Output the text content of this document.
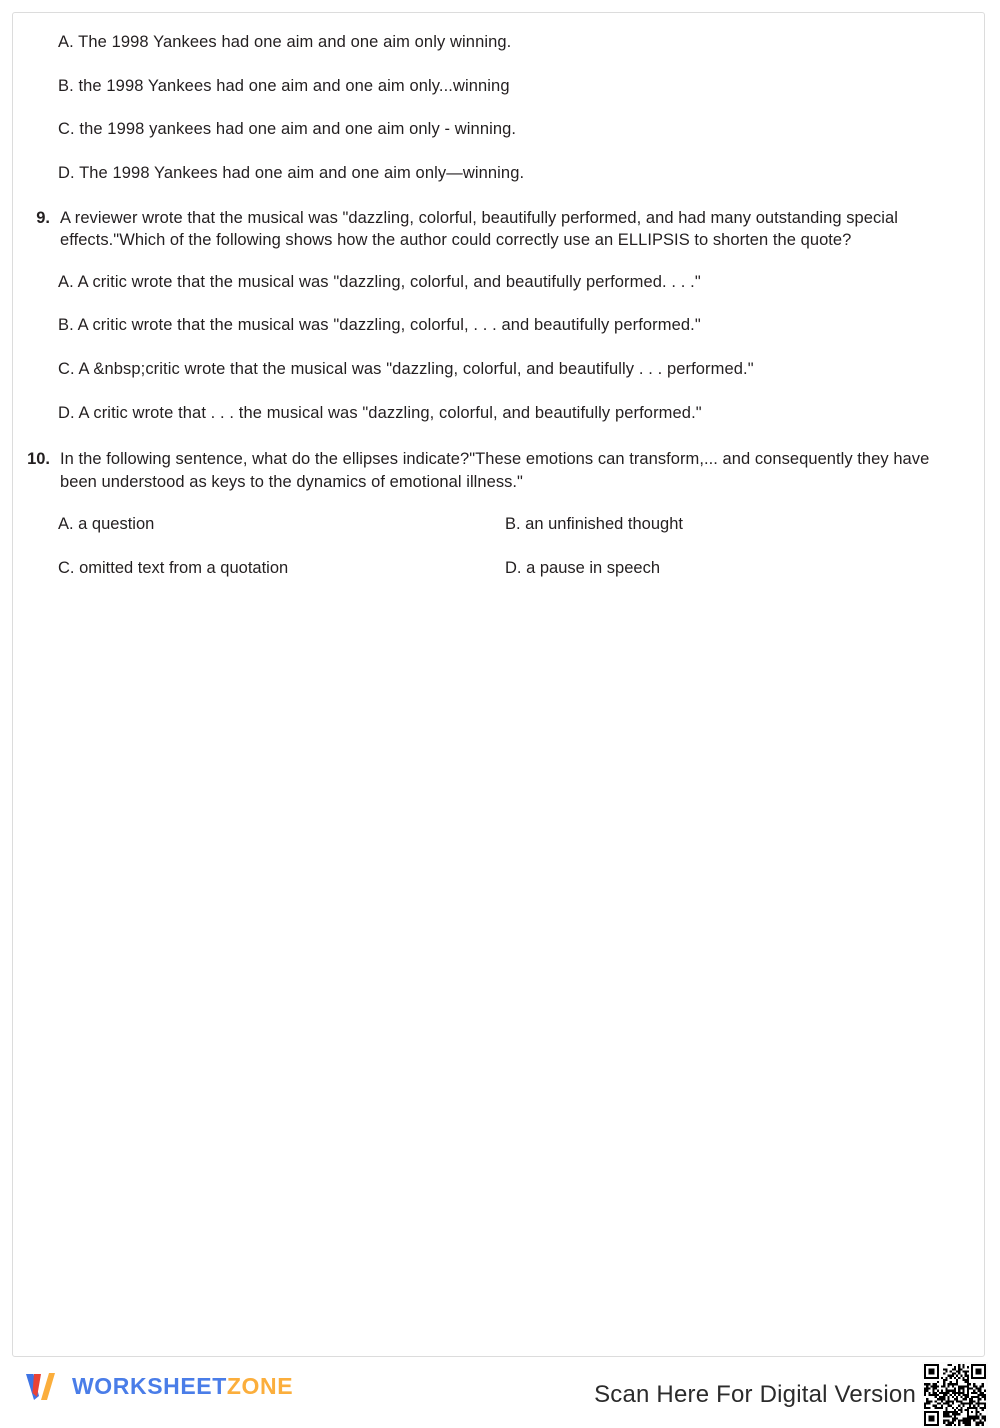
A. The 1998 Yankees had one aim and one aim only winning.
B. the 1998 Yankees had one aim and one aim only...winning
C. the 1998 yankees had one aim and one aim only - winning.
D. The 1998 Yankees had one aim and one aim only—winning.
9. A reviewer wrote that the musical was "dazzling, colorful, beautifully performed, and had many outstanding special effects."Which of the following shows how the author could correctly use an ELLIPSIS to shorten the quote?
A. A critic wrote that the musical was "dazzling, colorful, and beautifully performed. . . ."
B. A critic wrote that the musical was "dazzling, colorful, . . . and beautifully performed."
C. A &nbsp;critic wrote that the musical was "dazzling, colorful, and beautifully . . . performed."
D. A critic wrote that . . . the musical was "dazzling, colorful, and beautifully performed."
10. In the following sentence, what do the ellipses indicate?"These emotions can transform,... and consequently they have been understood as keys to the dynamics of emotional illness."
A. a question	B. an unfinished thought
C. omitted text from a quotation	D. a pause in speech
WORKSHEETZONE	Scan Here For Digital Version
